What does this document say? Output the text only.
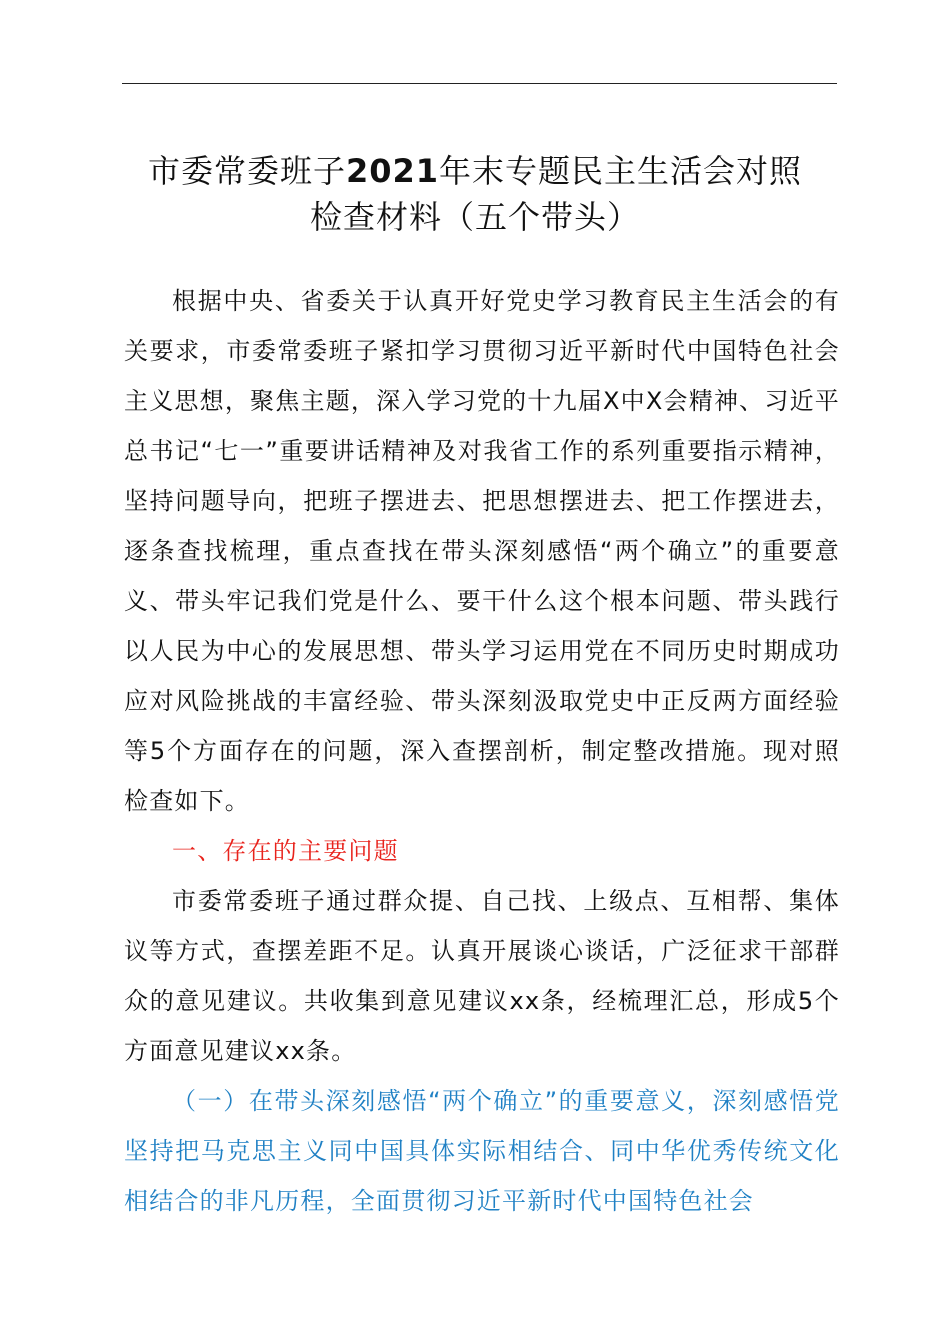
市委常委班子2021年末专题民主生活会对照
检查材料（五个带头）

根据中央、省委关于认真开好党史学习教育民主生活会的有关要求，市委常委班子紧扣学习贯彻习近平新时代中国特色社会主义思想，聚焦主题，深入学习党的十九届X中X会精神、习近平总书记“七一”重要讲话精神及对我省工作的系列重要指示精神，坚持问题导向，把班子摆进去、把思想摆进去、把工作摆进去，逐条查找梳理，重点查找在带头深刻感悟“两个确立”的重要意义、带头牢记我们党是什么、要干什么这个根本问题、带头践行以人民为中心的发展思想、带头学习运用党在不同历史时期成功应对风险挑战的丰富经验、带头深刻汲取党史中正反两方面经验等5个方面存在的问题，深入查摆剖析，制定整改措施。现对照检查如下。

一、存在的主要问题

市委常委班子通过群众提、自己找、上级点、互相帮、集体议等方式，查摆差距不足。认真开展谈心谈话，广泛征求干部群众的意见建议。共收集到意见建议xx条，经梳理汇总，形成5个方面意见建议xx条。

（一）在带头深刻感悟“两个确立”的重要意义，深刻感悟党坚持把马克思主义同中国具体实际相结合、同中华优秀传统文化相结合的非凡历程，全面贯彻习近平新时代中国特色社会
